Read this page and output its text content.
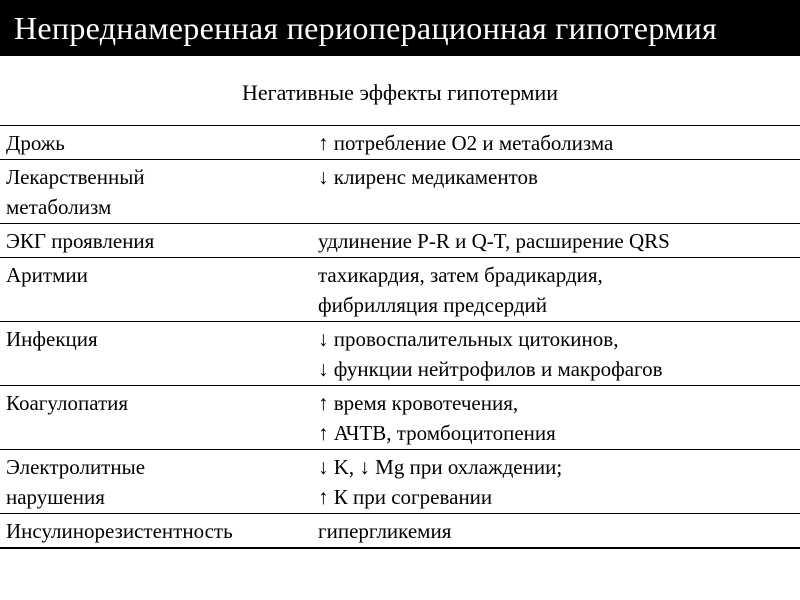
Непреднамеренная периоперационная гипотермия
Негативные эффекты гипотермии
Дрожь	↑ потребление О2 и метаболизма

Лекарственный
метаболизм	↓ клиренс медикаментов

ЭКГ проявления	удлинение P-R и Q-T, расширение QRS

Аритмии	тахикардия, затем брадикардия,
фибрилляция предсердий

Инфекция	↓ провоспалительных цитокинов,
↓ функции нейтрофилов и макрофагов

Коагулопатия	↑ время кровотечения,
↑ АЧТВ, тромбоцитопения

Электролитные
нарушения	↓ K, ↓ Mg при охлаждении;
↑ К при согревании

Инсулинорезистентность	гипергликемия
